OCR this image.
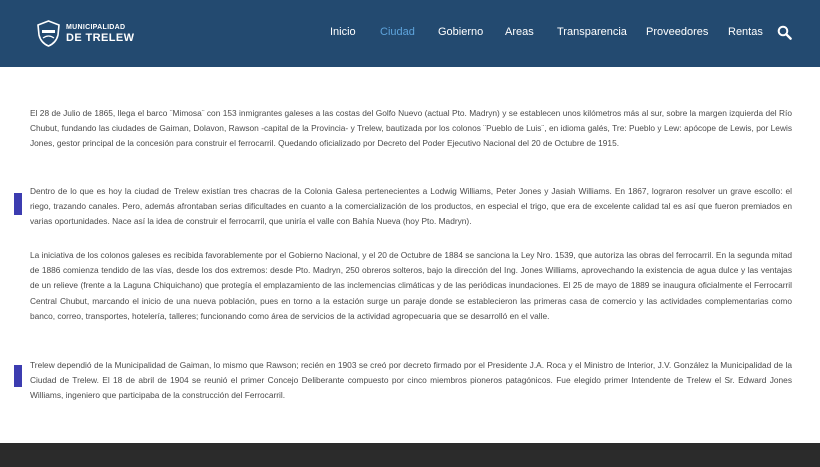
MUNICIPALIDAD
DE TRELEW	Inicio Ciudad Gobierno Areas Transparencia Proveedores Rentas

El 28 de Julio de 1865, llega el barco ¨Mimosa¨ con 153 inmigrantes galeses a las costas del Golfo Nuevo (actual Pto. Madryn) y se establecen unos kilómetros más al sur, sobre la margen izquierda del Río Chubut, fundando las ciudades de Gaiman, Dolavon, Rawson -capital de la Provincia- y Trelew, bautizada por los colonos ¨Pueblo de Luis¨, en idioma galés, Tre: Pueblo y Lew: apócope de Lewis, por Lewis Jones, gestor principal de la concesión para construir el ferrocarril. Quedando oficializado por Decreto del Poder Ejecutivo Nacional del 20 de Octubre de 1915.

Dentro de lo que es hoy la ciudad de Trelew existían tres chacras de la Colonia Galesa pertenecientes a Lodwig Williams, Peter Jones y Jasiah Williams. En 1867, lograron resolver un grave escollo: el riego, trazando canales. Pero, además afrontaban serias dificultades en cuanto a la comercialización de los productos, en especial el trigo, que era de excelente calidad tal es así que fueron premiados en varias oportunidades. Nace así la idea de construir el ferrocarril, que uniría el valle con Bahía Nueva (hoy Pto. Madryn).

La iniciativa de los colonos galeses es recibida favorablemente por el Gobierno Nacional, y el 20 de Octubre de 1884 se sanciona la Ley Nro. 1539, que autoriza las obras del ferrocarril. En la segunda mitad de 1886 comienza tendido de las vías, desde los dos extremos: desde Pto. Madryn, 250 obreros solteros, bajo la dirección del Ing. Jones Williams, aprovechando la existencia de agua dulce y las ventajas de un relieve (frente a la Laguna Chiquichano) que protegía el emplazamiento de las inclemencias climáticas y de las periódicas inundaciones. El 25 de mayo de 1889 se inaugura oficialmente el Ferrocarril Central Chubut, marcando el inicio de una nueva población, pues en torno a la estación surge un paraje donde se establecieron las primeras casa de comercio y las actividades complementarias como banco, correo, transportes, hotelería, talleres; funcionando como área de servicios de la actividad agropecuaria que se desarrolló en el valle.

Trelew dependió de la Municipalidad de Gaiman, lo mismo que Rawson; recién en 1903 se creó por decreto firmado por el Presidente J.A. Roca y el Ministro de Interior, J.V. González la Municipalidad de la Ciudad de Trelew. El 18 de abril de 1904 se reunió el primer Concejo Deliberante compuesto por cinco miembros pioneros patagónicos. Fue elegido primer Intendente de Trelew el Sr. Edward Jones Williams, ingeniero que participaba de la construcción del Ferrocarril.
